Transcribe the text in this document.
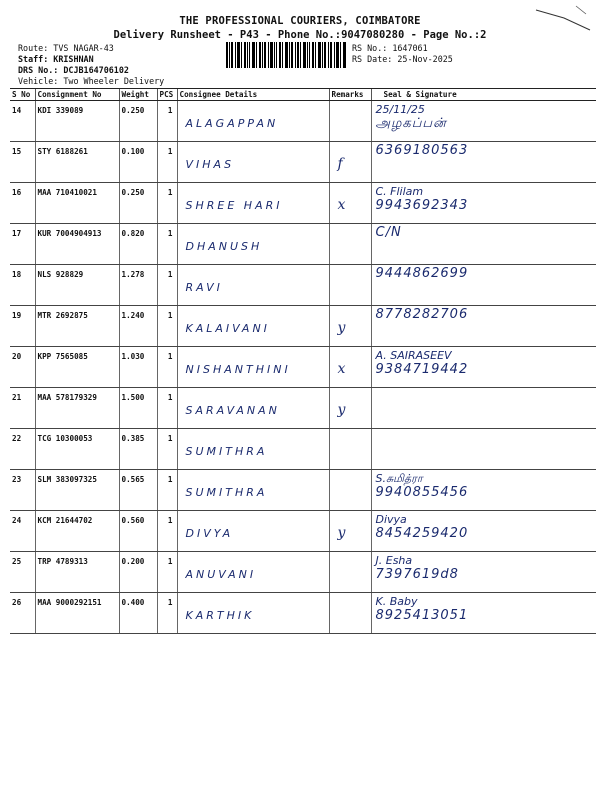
THE PROFESSIONAL COURIERS, COIMBATORE
Delivery Runsheet - P43 - Phone No.:9047080280 - Page No.:2
Route: TVS NAGAR-43
Staff: KRISHNAN
DRS No.: DCJB164706102
Vehicle: Two Wheeler Delivery
RS No.: 1647061
RS Date: 25-Nov-2025
S No	Consignment No	Weight	PCS	Consignee Details	Remarks	Seal & Signature
14	KDI 339089	0.250	1	ALAGAPPAN		25/11/25
அழகப்பன்

15	STY 6188261	0.100	1	VIHAS	f	6369180563

16	MAA 710410021	0.250	1	SHREE HARI	x	C. Flilam
9943692343

17	KUR 7004904913	0.820	1	DHANUSH		C/N

18	NLS 928829	1.278	1	RAVI		9444862699

19	MTR 2692875	1.240	1	KALAIVANI	y	8778282706

20	KPP 7565085	1.030	1	NISHANTHINI	x	A. SAIRASEEV
9384719442

21	MAA 578179329	1.500	1	SARAVANAN	y	

22	TCG 10300053	0.385	1	SUMITHRA		

23	SLM 383097325	0.565	1	SUMITHRA		S.சுமித்ரா
9940855456

24	KCM 21644702	0.560	1	DIVYA	y	Divya
8454259420

25	TRP 4789313	0.200	1	ANUVANI		J. Esha
7397619d8

26	MAA 9000292151	0.400	1	KARTHIK		K. Baby
8925413051
